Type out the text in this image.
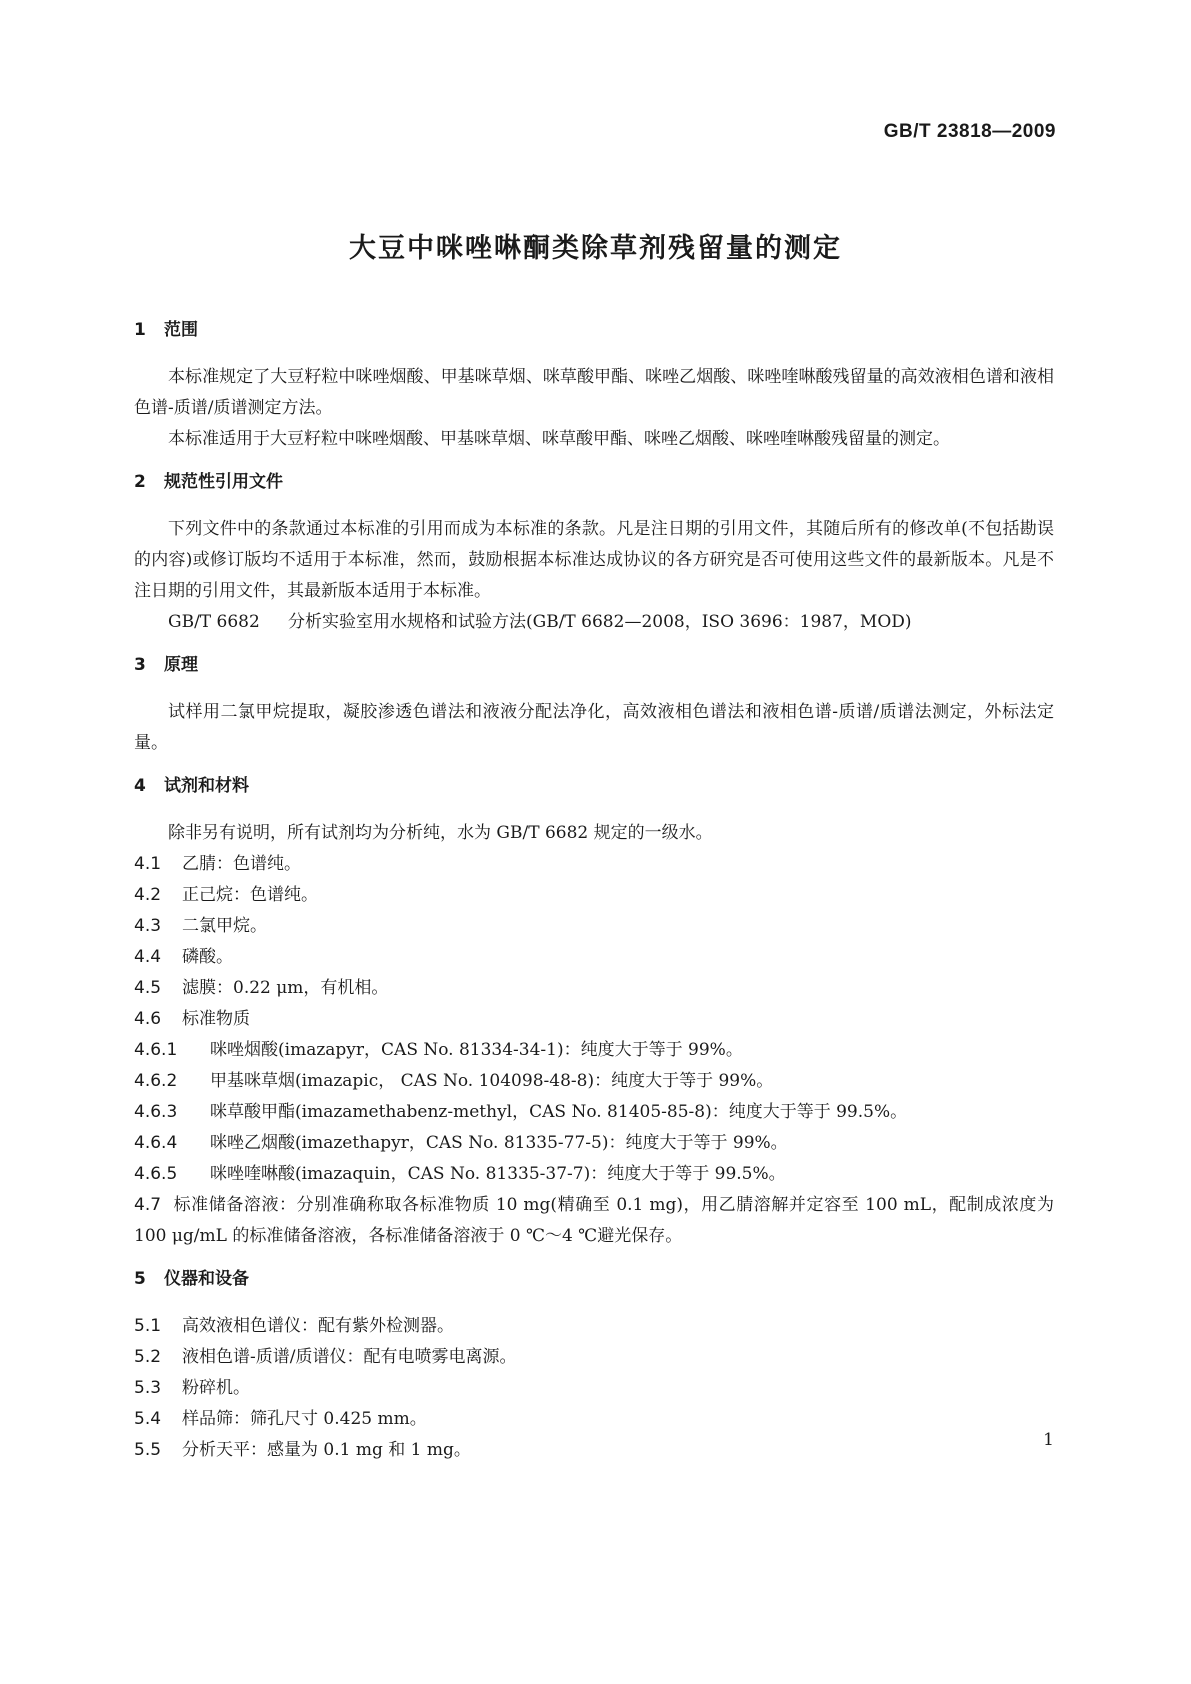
GB/T 23818—2009
大豆中咪唑啉酮类除草剂残留量的测定
1 范围

本标准规定了大豆籽粒中咪唑烟酸、甲基咪草烟、咪草酸甲酯、咪唑乙烟酸、咪唑喹啉酸残留量的高效液相色谱和液相色谱-质谱/质谱测定方法。

本标准适用于大豆籽粒中咪唑烟酸、甲基咪草烟、咪草酸甲酯、咪唑乙烟酸、咪唑喹啉酸残留量的测定。

2 规范性引用文件

下列文件中的条款通过本标准的引用而成为本标准的条款。凡是注日期的引用文件，其随后所有的修改单(不包括勘误的内容)或修订版均不适用于本标准，然而，鼓励根据本标准达成协议的各方研究是否可使用这些文件的最新版本。凡是不注日期的引用文件，其最新版本适用于本标准。

GB/T 6682 分析实验室用水规格和试验方法(GB/T 6682—2008，ISO 3696：1987，MOD)

3 原理

试样用二氯甲烷提取，凝胶渗透色谱法和液液分配法净化，高效液相色谱法和液相色谱-质谱/质谱法测定，外标法定量。

4 试剂和材料

除非另有说明，所有试剂均为分析纯，水为 GB/T 6682 规定的一级水。

4.1 乙腈：色谱纯。

4.2 正己烷：色谱纯。

4.3 二氯甲烷。

4.4 磷酸。

4.5 滤膜：0.22 μm，有机相。

4.6 标准物质

4.6.1 咪唑烟酸(imazapyr，CAS No. 81334-34-1)：纯度大于等于 99%。

4.6.2 甲基咪草烟(imazapic， CAS No. 104098-48-8)：纯度大于等于 99%。

4.6.3 咪草酸甲酯(imazamethabenz-methyl，CAS No. 81405-85-8)：纯度大于等于 99.5%。

4.6.4 咪唑乙烟酸(imazethapyr，CAS No. 81335-77-5)：纯度大于等于 99%。

4.6.5 咪唑喹啉酸(imazaquin，CAS No. 81335-37-7)：纯度大于等于 99.5%。

4.7 标准储备溶液：分别准确称取各标准物质 10 mg(精确至 0.1 mg)，用乙腈溶解并定容至 100 mL，配制成浓度为 100 μg/mL 的标准储备溶液，各标准储备溶液于 0 ℃～4 ℃避光保存。

5 仪器和设备

5.1 高效液相色谱仪：配有紫外检测器。

5.2 液相色谱-质谱/质谱仪：配有电喷雾电离源。

5.3 粉碎机。

5.4 样品筛：筛孔尺寸 0.425 mm。

5.5 分析天平：感量为 0.1 mg 和 1 mg。	1
